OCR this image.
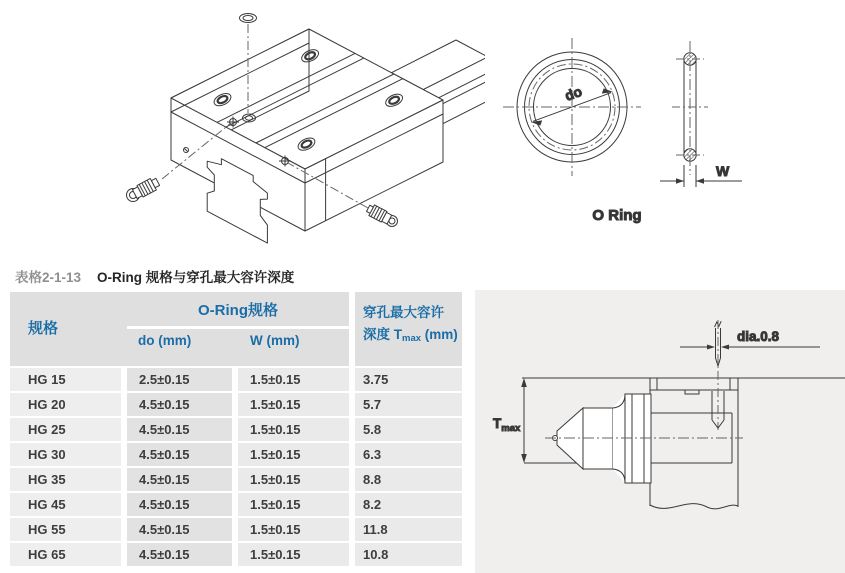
do
W
O Ring
表格2-1-13 O-Ring 规格与穿孔最大容许深度
规格
O-Ring规格
do (mm)	W (mm)
穿孔最大容许
深度 $T_{max}$ (mm)
HG 15	2.5±0.15	1.5±0.15	3.75
HG 20	4.5±0.15	1.5±0.15	5.7
HG 25	4.5±0.15	1.5±0.15	5.8
HG 30	4.5±0.15	1.5±0.15	6.3
HG 35	4.5±0.15	1.5±0.15	8.8
HG 45	4.5±0.15	1.5±0.15	8.2
HG 55	4.5±0.15	1.5±0.15	11.8
HG 65	4.5±0.15	1.5±0.15	10.8
dia.0.8
$T_{max}$
